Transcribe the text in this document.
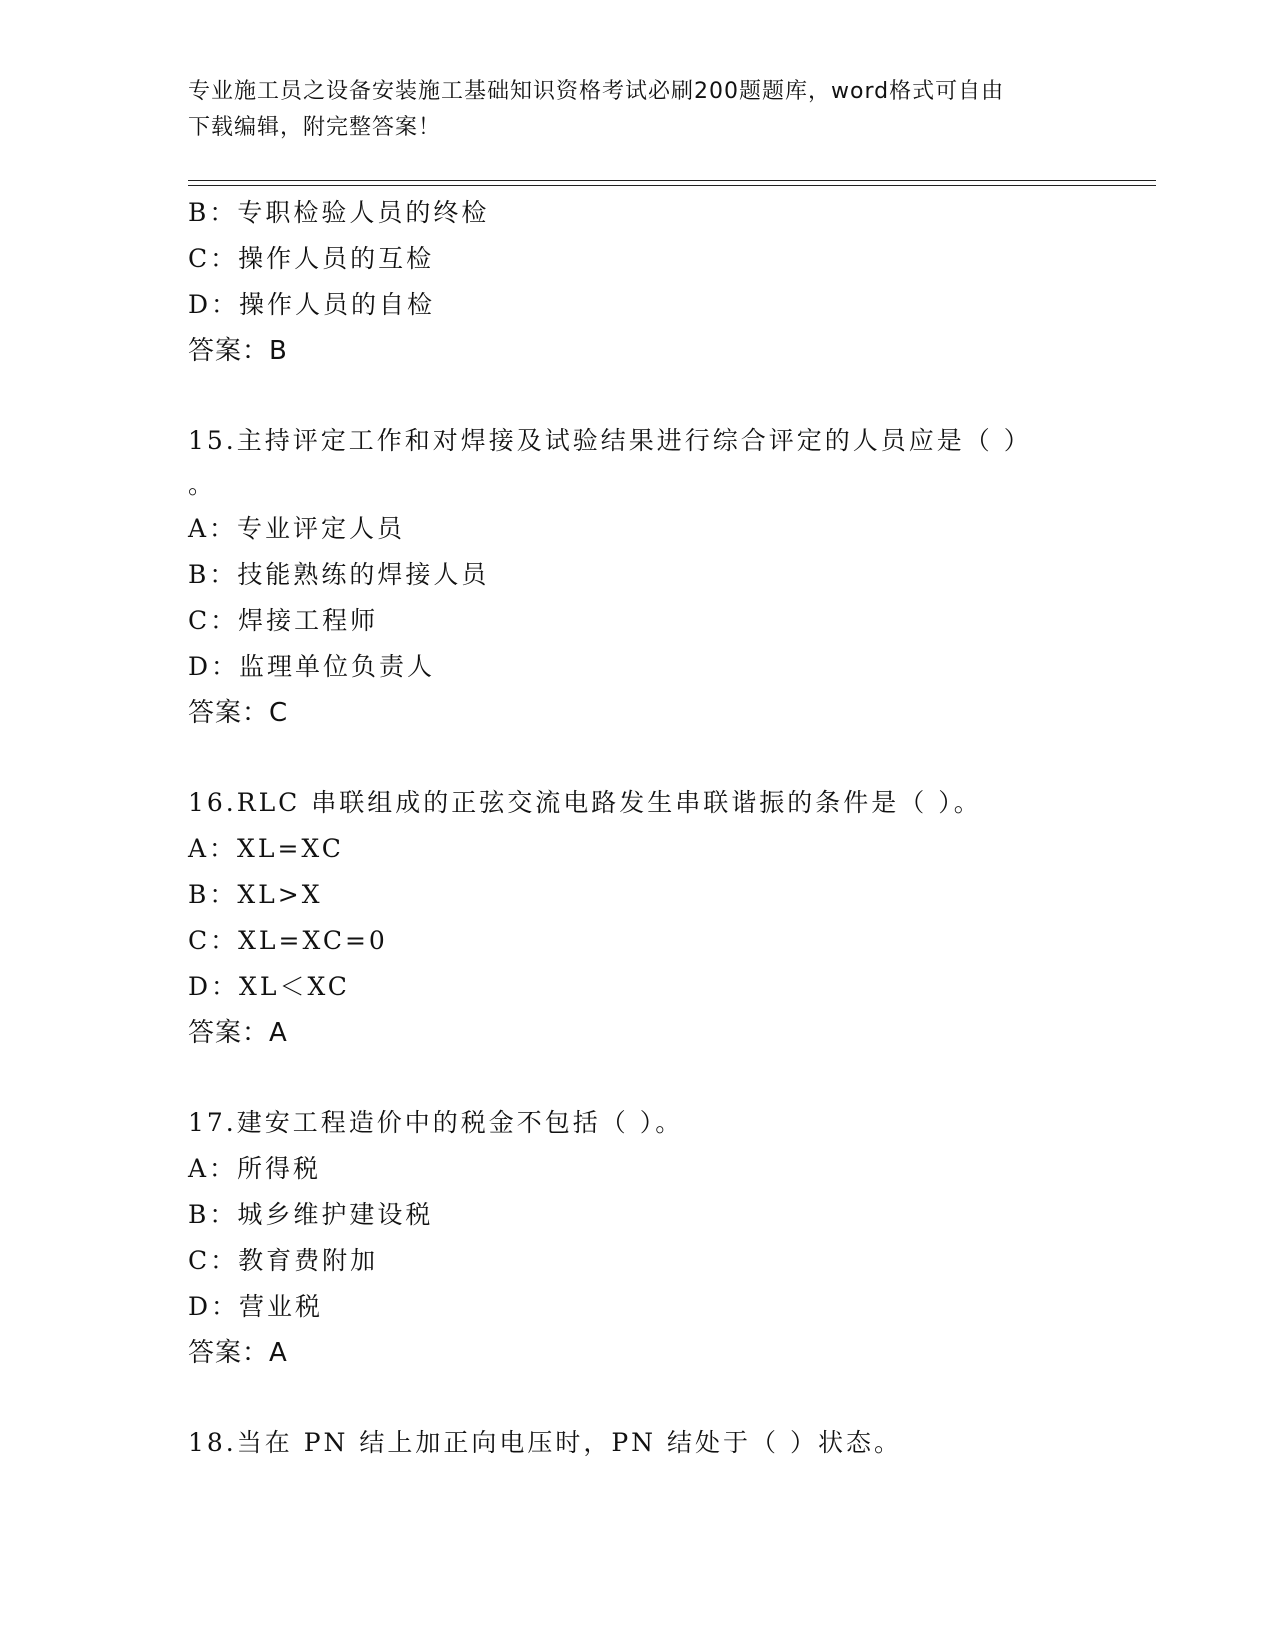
专业施工员之设备安装施工基础知识资格考试必刷200题题库，word格式可自由
下载编辑，附完整答案！
B：专职检验人员的终检
C：操作人员的互检
D：操作人员的自检
答案：B
15.主持评定工作和对焊接及试验结果进行综合评定的人员应是（ ）
。
A：专业评定人员
B：技能熟练的焊接人员
C：焊接工程师
D：监理单位负责人
答案：C
16.RLC 串联组成的正弦交流电路发生串联谐振的条件是（ ）。
A：XL=XC
B：XL>X
C：XL=XC=0
D：XL＜XC
答案：A
17.建安工程造价中的税金不包括（ ）。
A：所得税
B：城乡维护建设税
C：教育费附加
D：营业税
答案：A
18.当在 PN 结上加正向电压时，PN 结处于（ ）状态。
